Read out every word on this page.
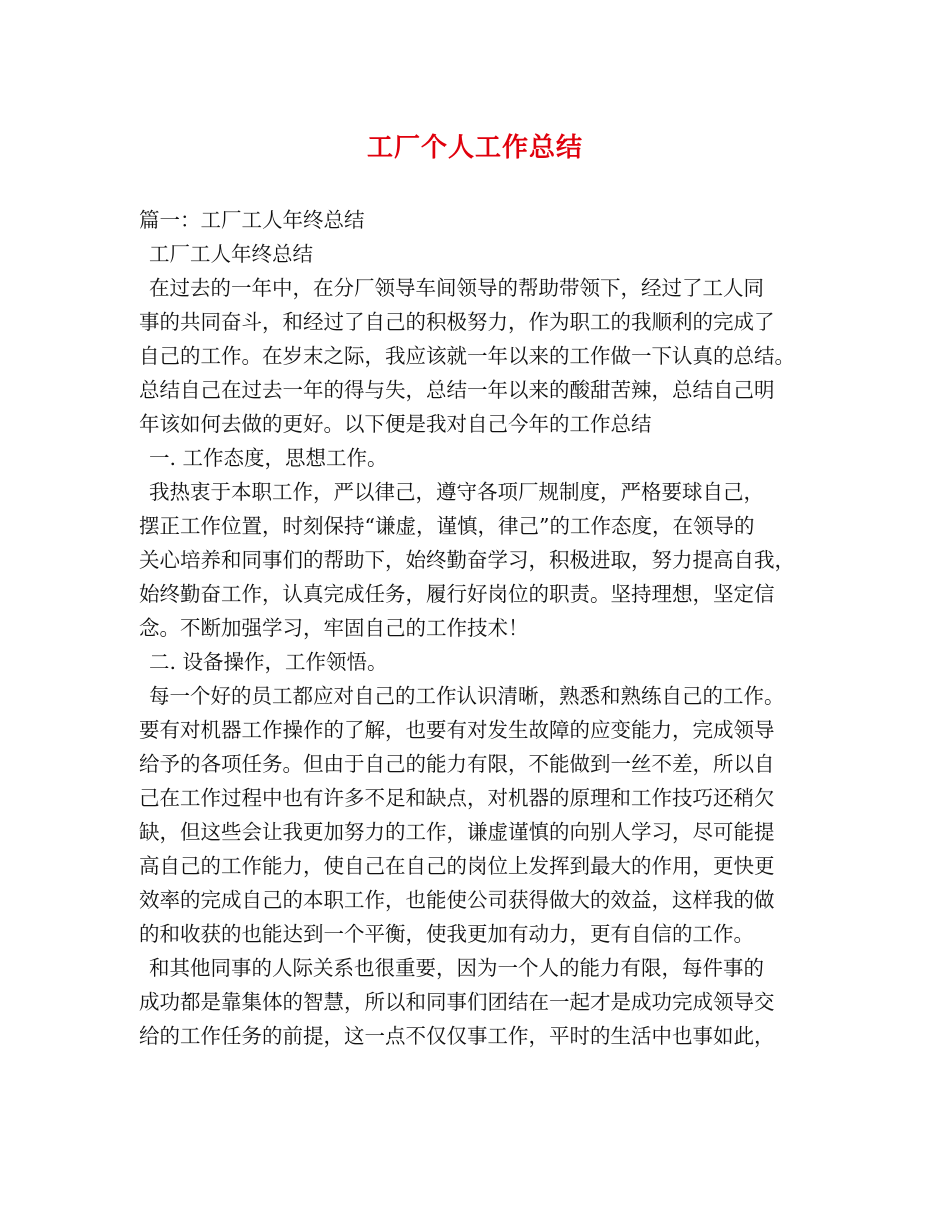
工厂个人工作总结
篇一：工厂工人年终总结
工厂工人年终总结
在过去的一年中，在分厂领导车间领导的帮助带领下，经过了工人同
事的共同奋斗，和经过了自己的积极努力，作为职工的我顺利的完成了
自己的工作。在岁末之际，我应该就一年以来的工作做一下认真的总结。
总结自己在过去一年的得与失，总结一年以来的酸甜苦辣，总结自己明
年该如何去做的更好。以下便是我对自己今年的工作总结
一. 工作态度，思想工作。
我热衷于本职工作，严以律己，遵守各项厂规制度，严格要球自己，
摆正工作位置，时刻保持“谦虚，谨慎，律己”的工作态度，在领导的
关心培养和同事们的帮助下，始终勤奋学习，积极进取，努力提高自我，
始终勤奋工作，认真完成任务，履行好岗位的职责。坚持理想，坚定信
念。不断加强学习，牢固自己的工作技术！
二. 设备操作，工作领悟。
每一个好的员工都应对自己的工作认识清晰，熟悉和熟练自己的工作。
要有对机器工作操作的了解，也要有对发生故障的应变能力，完成领导
给予的各项任务。但由于自己的能力有限，不能做到一丝不差，所以自
己在工作过程中也有许多不足和缺点，对机器的原理和工作技巧还稍欠
缺，但这些会让我更加努力的工作，谦虚谨慎的向别人学习，尽可能提
高自己的工作能力，使自己在自己的岗位上发挥到最大的作用，更快更
效率的完成自己的本职工作，也能使公司获得做大的效益，这样我的做
的和收获的也能达到一个平衡，使我更加有动力，更有自信的工作。
和其他同事的人际关系也很重要，因为一个人的能力有限，每件事的
成功都是靠集体的智慧，所以和同事们团结在一起才是成功完成领导交
给的工作任务的前提，这一点不仅仅事工作，平时的生活中也事如此，
